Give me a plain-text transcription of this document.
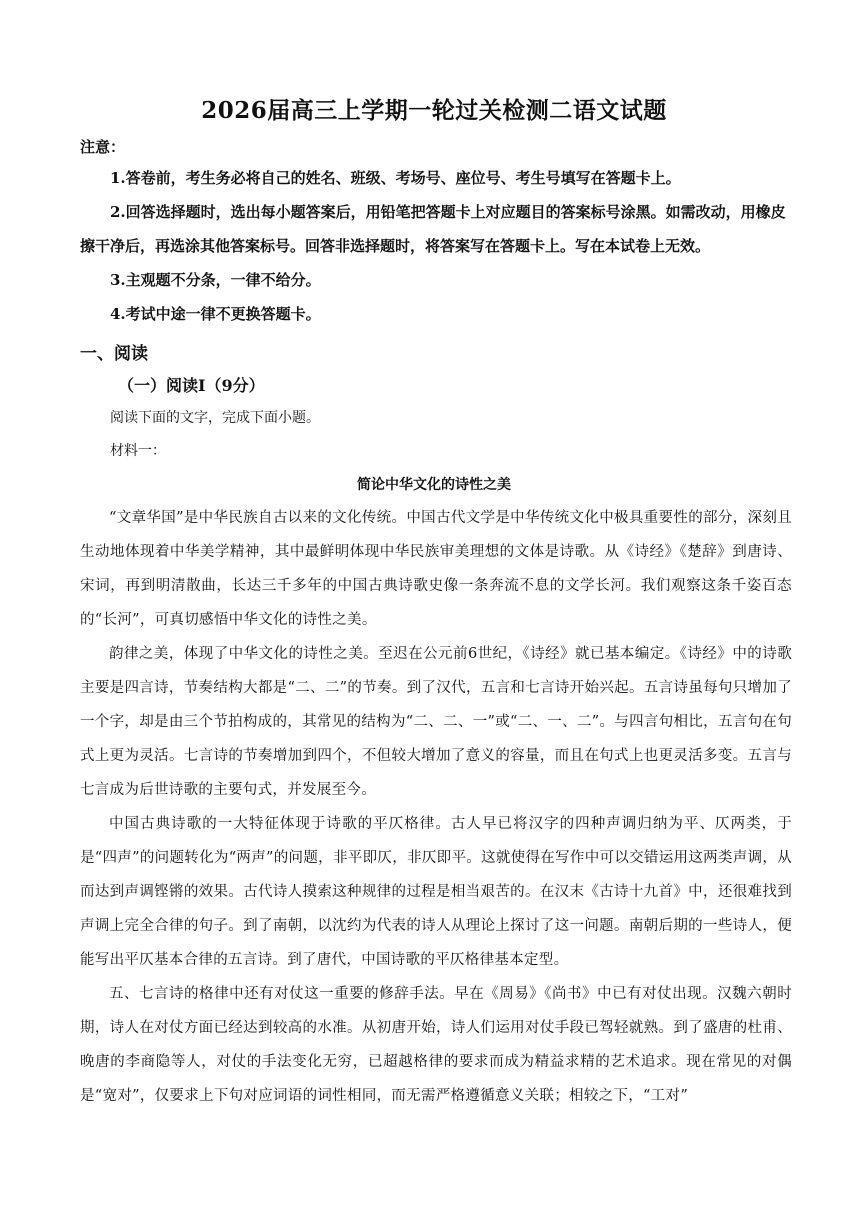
2026届高三上学期一轮过关检测二语文试题
注意：
1.答卷前，考生务必将自己的姓名、班级、考场号、座位号、考生号填写在答题卡上。
2.回答选择题时，选出每小题答案后，用铅笔把答题卡上对应题目的答案标号涂黑。如需改动，用橡皮擦干净后，再选涂其他答案标号。回答非选择题时，将答案写在答题卡上。写在本试卷上无效。
3.主观题不分条，一律不给分。
4.考试中途一律不更换答题卡。
一、阅读
（一）阅读Ⅰ（9分）
阅读下面的文字，完成下面小题。
材料一：
简论中华文化的诗性之美
“文章华国”是中华民族自古以来的文化传统。中国古代文学是中华传统文化中极具重要性的部分，深刻且生动地体现着中华美学精神，其中最鲜明体现中华民族审美理想的文体是诗歌。从《诗经》《楚辞》到唐诗、宋词，再到明清散曲，长达三千多年的中国古典诗歌史像一条奔流不息的文学长河。我们观察这条千姿百态的“长河”，可真切感悟中华文化的诗性之美。
韵律之美，体现了中华文化的诗性之美。至迟在公元前6世纪，《诗经》就已基本编定。《诗经》中的诗歌主要是四言诗，节奏结构大都是“二、二”的节奏。到了汉代，五言和七言诗开始兴起。五言诗虽每句只增加了一个字，却是由三个节拍构成的，其常见的结构为“二、二、一”或“二、一、二”。与四言句相比，五言句在句式上更为灵活。七言诗的节奏增加到四个，不但较大增加了意义的容量，而且在句式上也更灵活多变。五言与七言成为后世诗歌的主要句式，并发展至今。
中国古典诗歌的一大特征体现于诗歌的平仄格律。古人早已将汉字的四种声调归纳为平、仄两类，于是“四声”的问题转化为“两声”的问题，非平即仄，非仄即平。这就使得在写作中可以交错运用这两类声调，从而达到声调铿锵的效果。古代诗人摸索这种规律的过程是相当艰苦的。在汉末《古诗十九首》中，还很难找到声调上完全合律的句子。到了南朝，以沈约为代表的诗人从理论上探讨了这一问题。南朝后期的一些诗人，便能写出平仄基本合律的五言诗。到了唐代，中国诗歌的平仄格律基本定型。
五、七言诗的格律中还有对仗这一重要的修辞手法。早在《周易》《尚书》中已有对仗出现。汉魏六朝时期，诗人在对仗方面已经达到较高的水准。从初唐开始，诗人们运用对仗手段已驾轻就熟。到了盛唐的杜甫、晚唐的李商隐等人，对仗的手法变化无穷，已超越格律的要求而成为精益求精的艺术追求。现在常见的对偶是“宽对”，仅要求上下句对应词语的词性相同，而无需严格遵循意义关联；相较之下，“工对”
